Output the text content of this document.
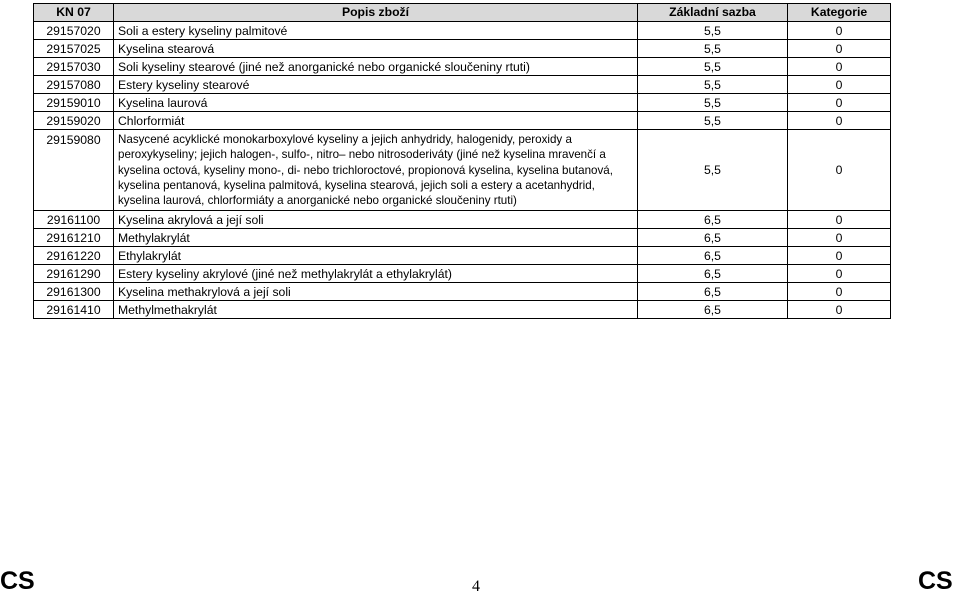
KN 07	Popis zboží	Základní sazba	Kategorie
29157020	Soli a estery kyseliny palmitové	5,5	0
29157025	Kyselina stearová	5,5	0
29157030	Soli kyseliny stearové (jiné než anorganické nebo organické sloučeniny rtuti)	5,5	0
29157080	Estery kyseliny stearové	5,5	0
29159010	Kyselina laurová	5,5	0
29159020	Chlorformiát	5,5	0
29159080	Nasycené acyklické monokarboxylové kyseliny a jejich anhydridy, halogenidy, peroxidy a peroxykyseliny; jejich halogen-, sulfo-, nitro– nebo nitrosoderiváty (jiné než kyselina mravenčí a kyselina octová, kyseliny mono-, di- nebo trichloroctové, propionová kyselina, kyselina butanová, kyselina pentanová, kyselina palmitová, kyselina stearová, jejich soli a estery a acetanhydrid, kyselina laurová, chlorformiáty a anorganické nebo organické sloučeniny rtuti)	5,5	0
29161100	Kyselina akrylová a její soli	6,5	0
29161210	Methylakrylát	6,5	0
29161220	Ethylakrylát	6,5	0
29161290	Estery kyseliny akrylové (jiné než methylakrylát a ethylakrylát)	6,5	0
29161300	Kyselina methakrylová a její soli	6,5	0
29161410	Methylmethakrylát	6,5	0
CS	4	CS
